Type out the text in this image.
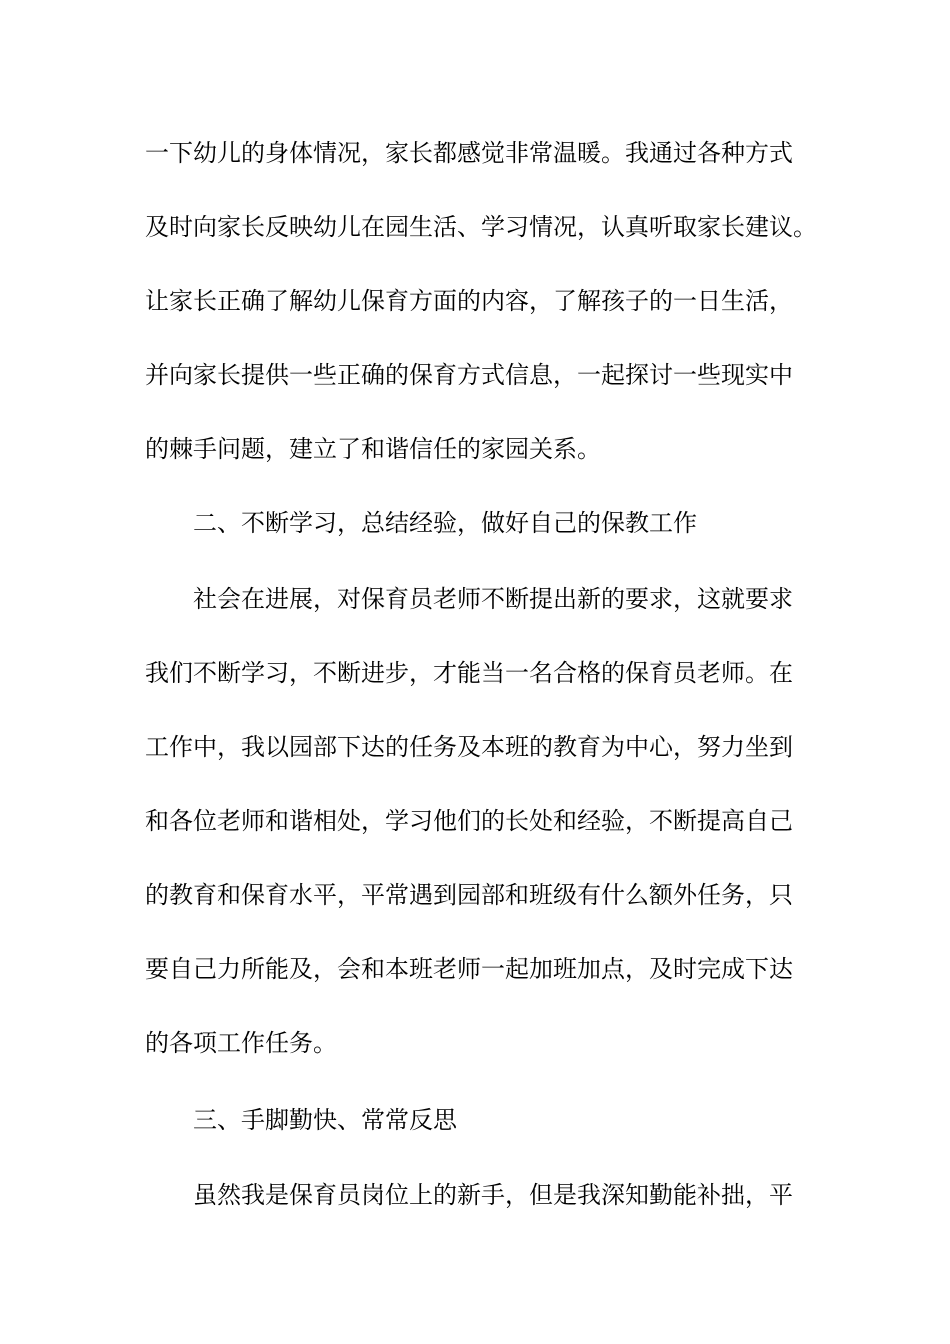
一下幼儿的身体情况，家长都感觉非常温暖。我通过各种方式
及时向家长反映幼儿在园生活、学习情况，认真听取家长建议。
让家长正确了解幼儿保育方面的内容，了解孩子的一日生活，
并向家长提供一些正确的保育方式信息，一起探讨一些现实中
的棘手问题，建立了和谐信任的家园关系。
二、不断学习，总结经验，做好自己的保教工作
社会在进展，对保育员老师不断提出新的要求，这就要求
我们不断学习，不断进步，才能当一名合格的保育员老师。在
工作中，我以园部下达的任务及本班的教育为中心，努力坐到
和各位老师和谐相处，学习他们的长处和经验，不断提高自己
的教育和保育水平，平常遇到园部和班级有什么额外任务，只
要自己力所能及，会和本班老师一起加班加点，及时完成下达
的各项工作任务。
三、手脚勤快、常常反思
虽然我是保育员岗位上的新手，但是我深知勤能补拙，平
